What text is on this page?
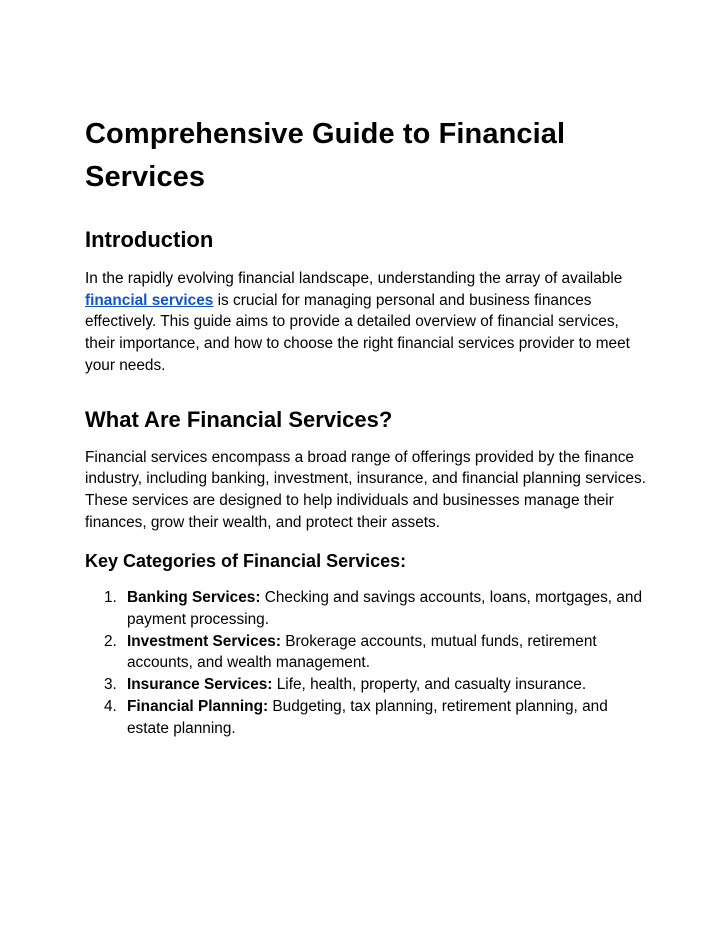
Comprehensive Guide to Financial Services
Introduction

In the rapidly evolving financial landscape, understanding the array of available financial services is crucial for managing personal and business finances effectively. This guide aims to provide a detailed overview of financial services, their importance, and how to choose the right financial services provider to meet your needs.

What Are Financial Services?

Financial services encompass a broad range of offerings provided by the finance industry, including banking, investment, insurance, and financial planning services. These services are designed to help individuals and businesses manage their finances, grow their wealth, and protect their assets.

Key Categories of Financial Services:
1. Banking Services: Checking and savings accounts, loans, mortgages, and payment processing.
2. Investment Services: Brokerage accounts, mutual funds, retirement accounts, and wealth management.
3. Insurance Services: Life, health, property, and casualty insurance.
4. Financial Planning: Budgeting, tax planning, retirement planning, and estate planning.
